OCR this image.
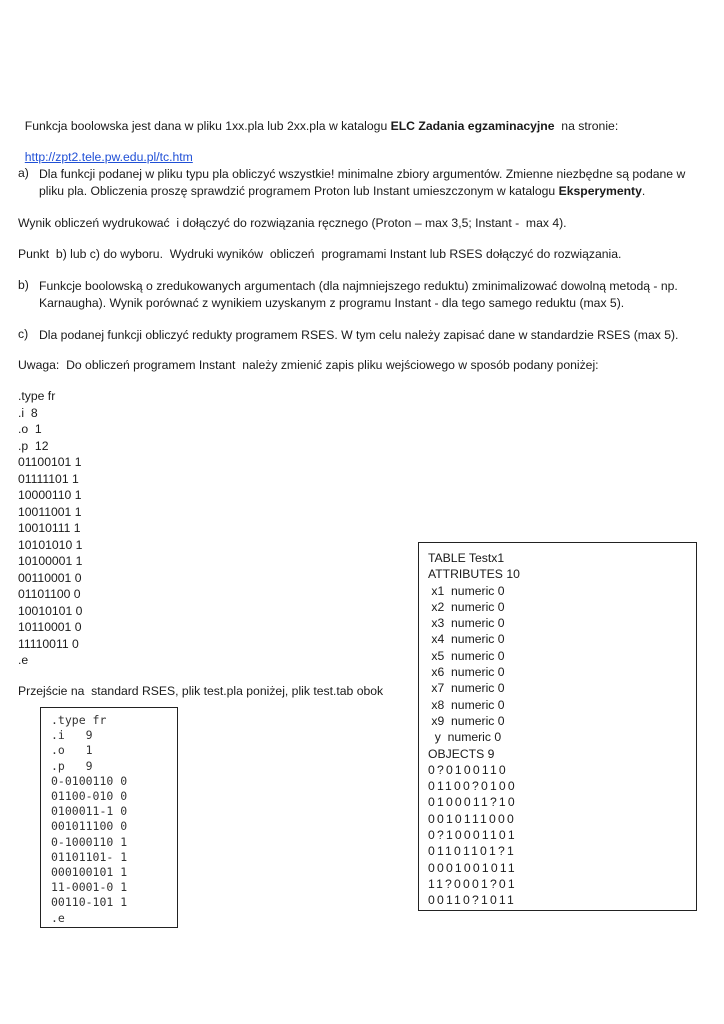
Funkcja boolowska jest dana w pliku 1xx.pla lub 2xx.pla w katalogu ELC Zadania egzaminacyjne  na stronie:

http://zpt2.tele.pw.edu.pl/tc.htm

a) Dla funkcji podanej w pliku typu pla obliczyć wszystkie! minimalne zbiory argumentów. Zmienne niezbędne są podane w pliku pla. Obliczenia proszę sprawdzić programem Proton lub Instant umieszczonym w katalogu Eksperymenty.
Wynik obliczeń wydrukować  i dołączyć do rozwiązania ręcznego (Proton – max 3,5; Instant -  max 4).
Punkt  b) lub c) do wyboru.  Wydruki wyników  obliczeń  programami Instant lub RSES dołączyć do rozwiązania.
b) Funkcje boolowską o zredukowanych argumentach (dla najmniejszego reduktu) zminimalizować dowolną metodą - np. Karnaugha). Wynik porównać z wynikiem uzyskanym z programu Instant - dla tego samego reduktu (max 5).
c) Dla podanej funkcji obliczyć redukty programem RSES. W tym celu należy zapisać dane w standardzie RSES (max 5).
Uwaga:  Do obliczeń programem Instant  należy zmienić zapis pliku wejściowego w sposób podany poniżej:
.type fr
.i  8
.o  1
.p  12
01100101 1
01111101 1
10000110 1
10011001 1
10010111 1
10101010 1
10100001 1
00110001 0
01101100 0
10010101 0
10110001 0
11110011 0
.e
Przejście na  standard RSES, plik test.pla poniżej, plik test.tab obok
.type fr
.i   9
.o   1
.p   9
0-0100110 0
01100-010 0
0100011-1 0
001011100 0
0-1000110 1
01101101- 1
000100101 1
11-0001-0 1
00110-101 1
.e
TABLE Testx1
ATTRIBUTES 10
x1  numeric 0
x2  numeric 0
x3  numeric 0
x4  numeric 0
x5  numeric 0
x6  numeric 0
x7  numeric 0
x8  numeric 0
x9  numeric 0
y  numeric 0
OBJECTS 9
0?0100110
01100?0100
0100011?10
0010111000
0?10001101
01101101?1
0001001011
11?0001?01
00110?1011
